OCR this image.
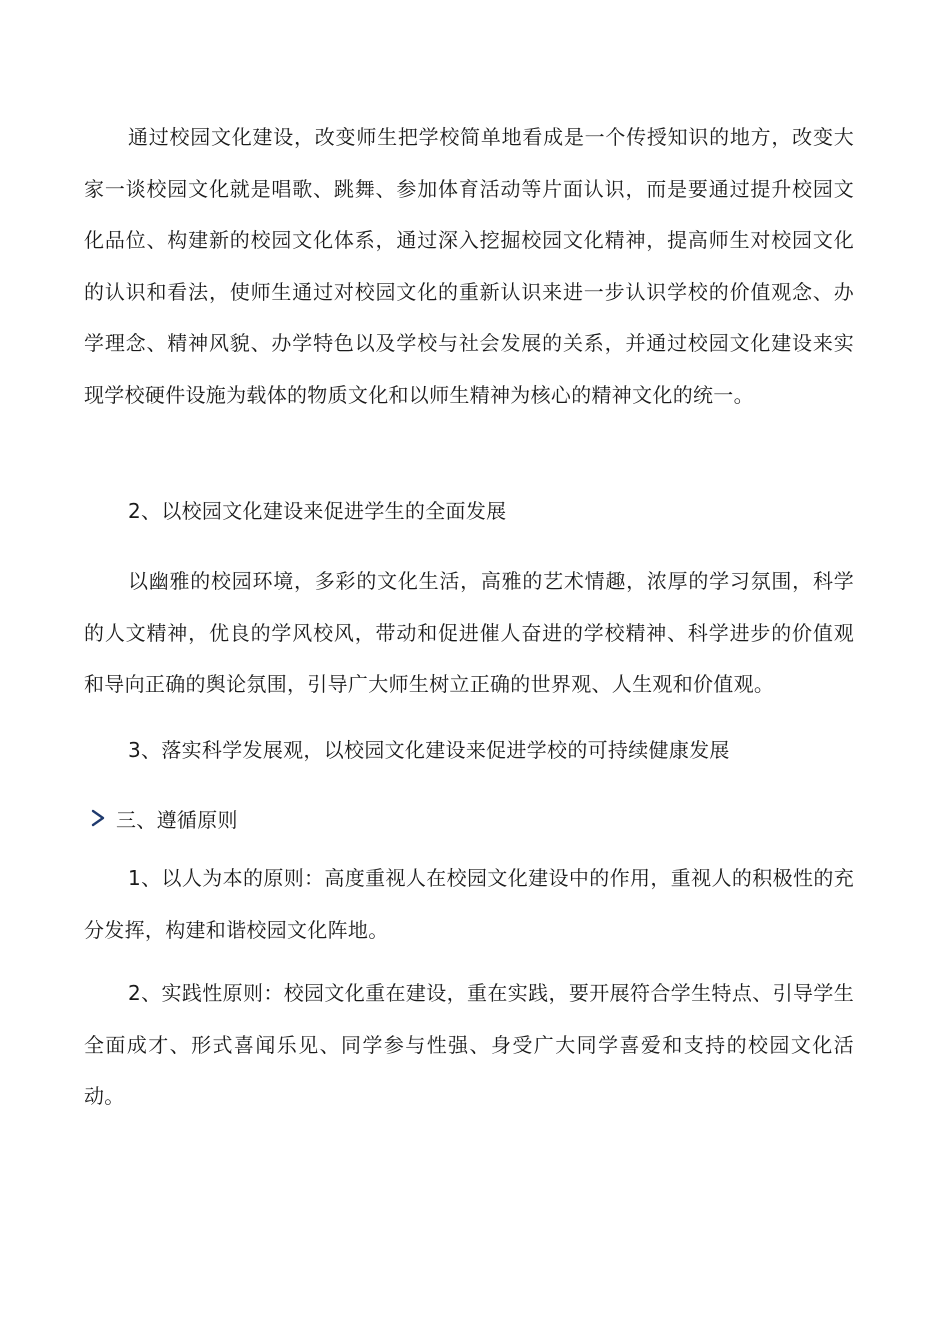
通过校园文化建设，改变师生把学校简单地看成是一个传授知识的地方，改变大家一谈校园文化就是唱歌、跳舞、参加体育活动等片面认识，而是要通过提升校园文化品位、构建新的校园文化体系，通过深入挖掘校园文化精神，提高师生对校园文化的认识和看法，使师生通过对校园文化的重新认识来进一步认识学校的价值观念、办学理念、精神风貌、办学特色以及学校与社会发展的关系，并通过校园文化建设来实现学校硬件设施为载体的物质文化和以师生精神为核心的精神文化的统一。

2、以校园文化建设来促进学生的全面发展

以幽雅的校园环境，多彩的文化生活，高雅的艺术情趣，浓厚的学习氛围，科学的人文精神，优良的学风校风，带动和促进催人奋进的学校精神、科学进步的价值观和导向正确的舆论氛围，引导广大师生树立正确的世界观、人生观和价值观。

3、落实科学发展观，以校园文化建设来促进学校的可持续健康发展

三、遵循原则

1、以人为本的原则：高度重视人在校园文化建设中的作用，重视人的积极性的充分发挥，构建和谐校园文化阵地。

2、实践性原则：校园文化重在建设，重在实践，要开展符合学生特点、引导学生全面成才、形式喜闻乐见、同学参与性强、身受广大同学喜爱和支持的校园文化活动。
